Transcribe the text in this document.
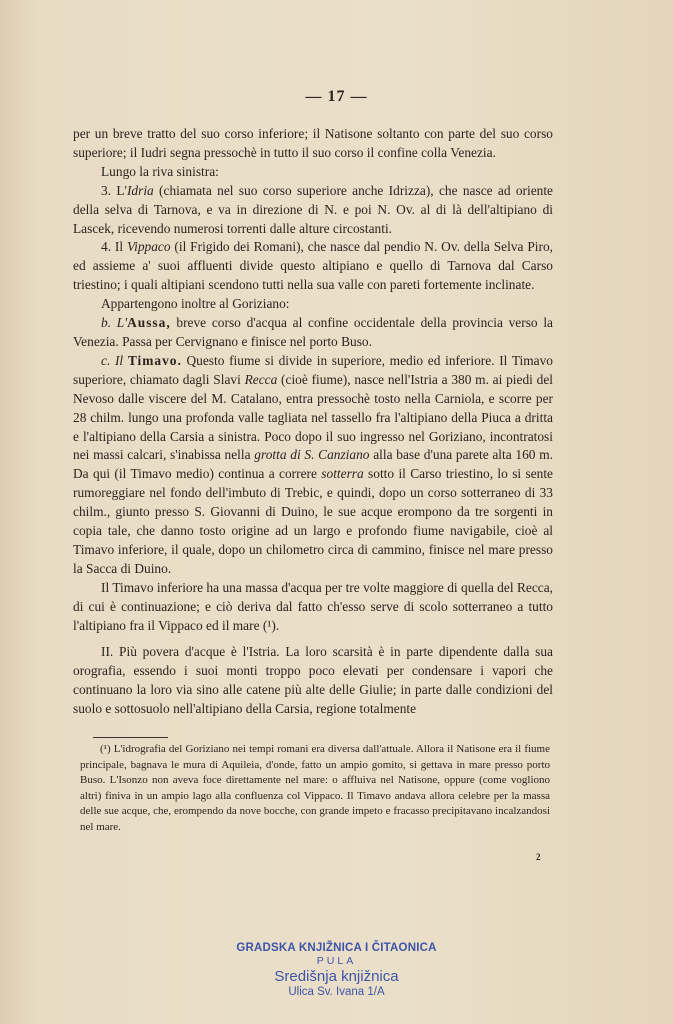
— 17 —

per un breve tratto del suo corso inferiore; il Natisone soltanto con parte del suo corso superiore; il Iudri segna pressochè in tutto il suo corso il confine colla Venezia.

Lungo la riva sinistra:

3. L'Idria (chiamata nel suo corso superiore anche Idrizza), che nasce ad oriente della selva di Tarnova, e va in direzione di N. e poi N. Ov. al di là dell'altipiano di Lascek, ricevendo numerosi torrenti dalle alture circostanti.

4. Il Vippaco (il Frigido dei Romani), che nasce dal pendio N. Ov. della Selva Piro, ed assieme a' suoi affluenti divide questo altipiano e quello di Tarnova dal Carso triestino; i quali altipiani scendono tutti nella sua valle con pareti fortemente inclinate.

Appartengono inoltre al Goriziano:

b. L'Aussa, breve corso d'acqua al confine occidentale della provincia verso la Venezia. Passa per Cervignano e finisce nel porto Buso.

c. Il Timavo. Questo fiume si divide in superiore, medio ed inferiore. Il Timavo superiore, chiamato dagli Slavi Recca (cioè fiume), nasce nell'Istria a 380 m. ai piedi del Nevoso dalle viscere del M. Catalano, entra pressochè tosto nella Carniola, e scorre per 28 chilm. lungo una profonda valle tagliata nel tassello fra l'altipiano della Piuca a dritta e l'altipiano della Carsia a sinistra. Poco dopo il suo ingresso nel Goriziano, incontratosi nei massi calcari, s'inabissa nella grotta di S. Canziano alla base d'una parete alta 160 m. Da qui (il Timavo medio) continua a correre sotterra sotto il Carso triestino, lo si sente rumoreggiare nel fondo dell'imbuto di Trebic, e quindi, dopo un corso sotterraneo di 33 chilm., giunto presso S. Giovanni di Duino, le sue acque erompono da tre sorgenti in copia tale, che danno tosto origine ad un largo e profondo fiume navigabile, cioè al Timavo inferiore, il quale, dopo un chilometro circa di cammino, finisce nel mare presso la Sacca di Duino.

Il Timavo inferiore ha una massa d'acqua per tre volte maggiore di quella del Recca, di cui è continuazione; e ciò deriva dal fatto ch'esso serve di scolo sotterraneo a tutto l'altipiano fra il Vippaco ed il mare (¹).

II. Più povera d'acque è l'Istria. La loro scarsità è in parte dipendente dalla sua orografia, essendo i suoi monti troppo poco elevati per condensare i vapori che continuano la loro via sino alle catene più alte delle Giulie; in parte dalle condizioni del suolo e sottosuolo nell'altipiano della Carsia, regione totalmente

(¹) L'idrografia del Goriziano nei tempi romani era diversa dall'attuale. Allora il Natisone era il fiume principale, bagnava le mura di Aquileia, d'onde, fatto un ampio gomito, si gettava in mare presso porto Buso. L'Isonzo non aveva foce direttamente nel mare: o affluiva nel Natisone, oppure (come vogliono altri) finiva in un ampio lago alla confluenza col Vippaco. Il Timavo andava allora celebre per la massa delle sue acque, che, erompendo da nove bocche, con grande impeto e fracasso precipitavano incalzandosi nel mare.

2
GRADSKA KNJIŽNICA I ČITAONICA
PULA
Središnja knjižnica
Ulica Sv. Ivana 1/A
